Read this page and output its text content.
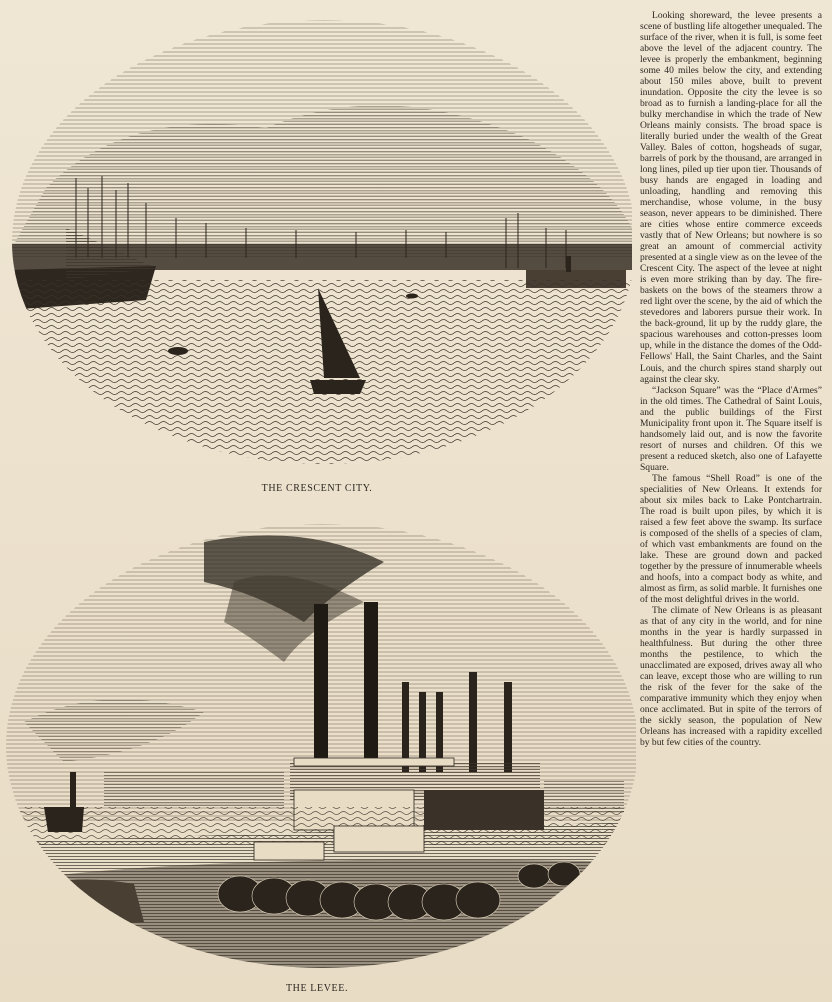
THE CRESCENT CITY.
THE LEVEE.

Looking shoreward, the levee presents a scene of bustling life altogether unequaled. The surface of the river, when it is full, is some feet above the level of the adjacent country. The levee is properly the embankment, beginning some 40 miles below the city, and extending about 150 miles above, built to prevent inundation. Opposite the city the levee is so broad as to furnish a landing-place for all the bulky merchandise in which the trade of New Orleans mainly consists. The broad space is literally buried under the wealth of the Great Valley. Bales of cotton, hogsheads of sugar, barrels of pork by the thousand, are arranged in long lines, piled up tier upon tier. Thousands of busy hands are engaged in loading and unloading, handling and removing this merchandise, whose volume, in the busy season, never appears to be diminished. There are cities whose entire commerce exceeds vastly that of New Orleans; but nowhere is so great an amount of commercial activity presented at a single view as on the levee of the Crescent City. The aspect of the levee at night is even more striking than by day. The fire-baskets on the bows of the steamers throw a red light over the scene, by the aid of which the stevedores and laborers pursue their work. In the back-ground, lit up by the ruddy glare, the spacious warehouses and cotton-presses loom up, while in the distance the domes of the Odd-Fellows' Hall, the Saint Charles, and the Saint Louis, and the church spires stand sharply out against the clear sky.

“Jackson Square” was the “Place d'Armes” in the old times. The Cathedral of Saint Louis, and the public buildings of the First Municipality front upon it. The Square itself is handsomely laid out, and is now the favorite resort of nurses and children. Of this we present a reduced sketch, also one of Lafayette Square.

The famous “Shell Road” is one of the specialities of New Orleans. It extends for about six miles back to Lake Pontchartrain. The road is built upon piles, by which it is raised a few feet above the swamp. Its surface is composed of the shells of a species of clam, of which vast embankments are found on the lake. These are ground down and packed together by the pressure of innumerable wheels and hoofs, into a compact body as white, and almost as firm, as solid marble. It furnishes one of the most delightful drives in the world.

The climate of New Orleans is as pleasant as that of any city in the world, and for nine months in the year is hardly surpassed in healthfulness. But during the other three months the pestilence, to which the unacclimated are exposed, drives away all who can leave, except those who are willing to run the risk of the fever for the sake of the comparative immunity which they enjoy when once acclimated. But in spite of the terrors of the sickly season, the population of New Orleans has increased with a rapidity excelled by but few cities of the country.
